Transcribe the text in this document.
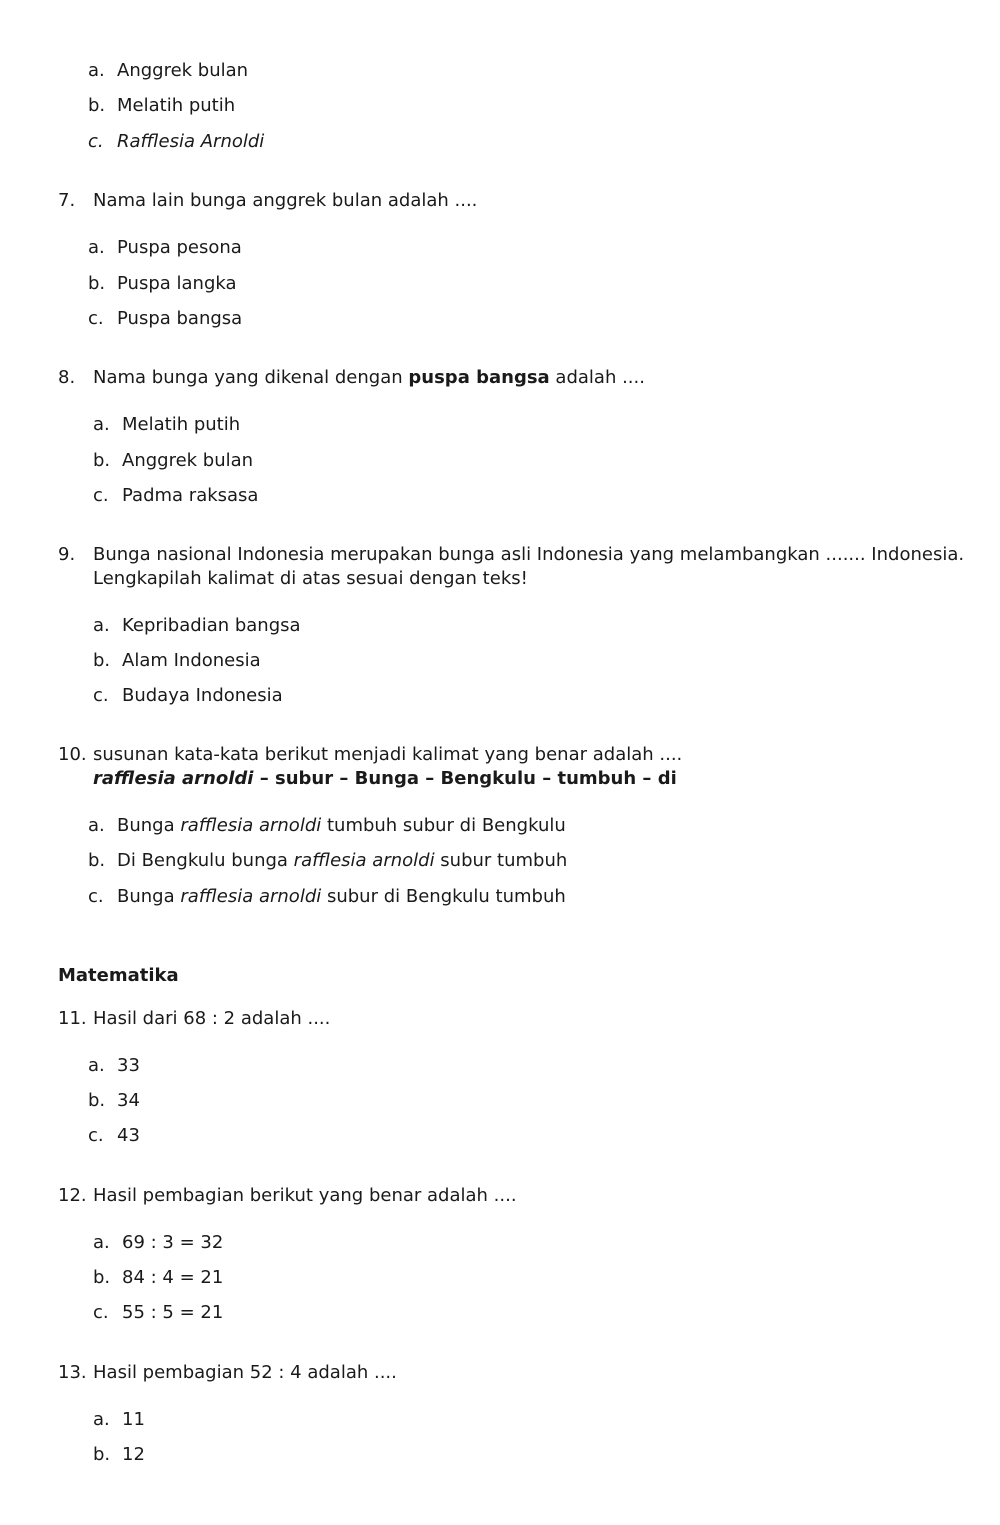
a. Anggrek bulan
b. Melatih putih
c. Rafflesia Arnoldi
7. Nama lain bunga anggrek bulan adalah ....
a. Puspa pesona
b. Puspa langka
c. Puspa bangsa
8. Nama bunga yang dikenal dengan puspa bangsa adalah ....
a. Melatih putih
b. Anggrek bulan
c. Padma raksasa
9. Bunga nasional Indonesia merupakan bunga asli Indonesia yang melambangkan ....... Indonesia.
Lengkapilah kalimat di atas sesuai dengan teks!
a. Kepribadian bangsa
b. Alam Indonesia
c. Budaya Indonesia
10. susunan kata-kata berikut menjadi kalimat yang benar adalah ....
rafflesia arnoldi – subur – Bunga – Bengkulu – tumbuh – di
a. Bunga rafflesia arnoldi tumbuh subur di Bengkulu
b. Di Bengkulu bunga rafflesia arnoldi subur tumbuh
c. Bunga rafflesia arnoldi subur di Bengkulu tumbuh
Matematika
11. Hasil dari 68 : 2 adalah ....
a. 33
b. 34
c. 43
12. Hasil pembagian berikut yang benar adalah ....
a. 69 : 3 = 32
b. 84 : 4 = 21
c. 55 : 5 = 21
13. Hasil pembagian 52 : 4 adalah ....
a. 11
b. 12
